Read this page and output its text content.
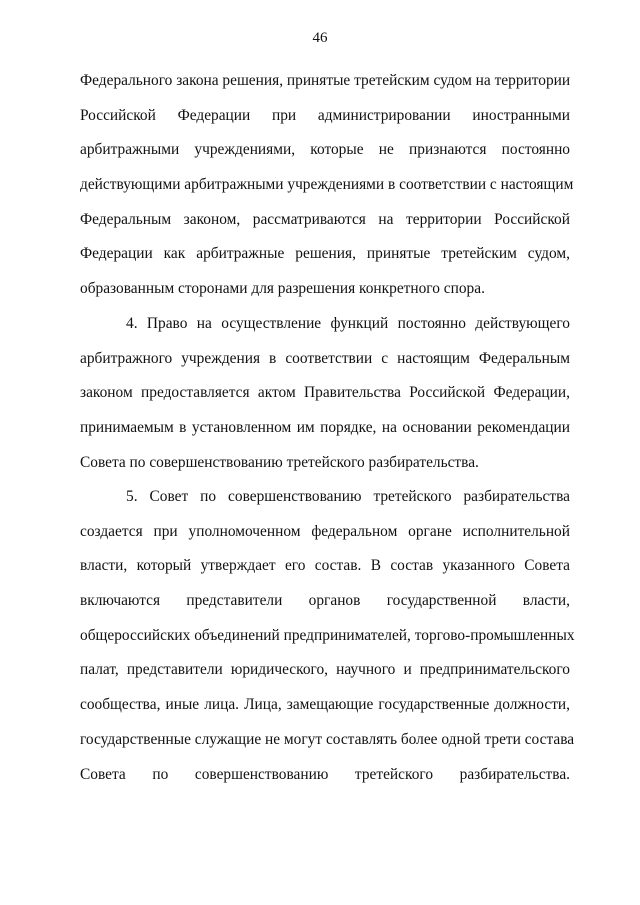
46
Федерального закона решения, принятые третейским судом на территории
Российской Федерации при администрировании иностранными
арбитражными учреждениями, которые не признаются постоянно
действующими арбитражными учреждениями в соответствии с настоящим
Федеральным законом, рассматриваются на территории Российской
Федерации как арбитражные решения, принятые третейским судом,
образованным сторонами для разрешения конкретного спора.
4. Право на осуществление функций постоянно действующего
арбитражного учреждения в соответствии с настоящим Федеральным
законом предоставляется актом Правительства Российской Федерации,
принимаемым в установленном им порядке, на основании рекомендации
Совета по совершенствованию третейского разбирательства.
5. Совет по совершенствованию третейского разбирательства
создается при уполномоченном федеральном органе исполнительной
власти, который утверждает его состав. В состав указанного Совета
включаются представители органов государственной власти,
общероссийских объединений предпринимателей, торгово-промышленных
палат, представители юридического, научного и предпринимательского
сообщества, иные лица. Лица, замещающие государственные должности,
государственные служащие не могут составлять более одной трети состава
Совета по совершенствованию третейского разбирательства.
